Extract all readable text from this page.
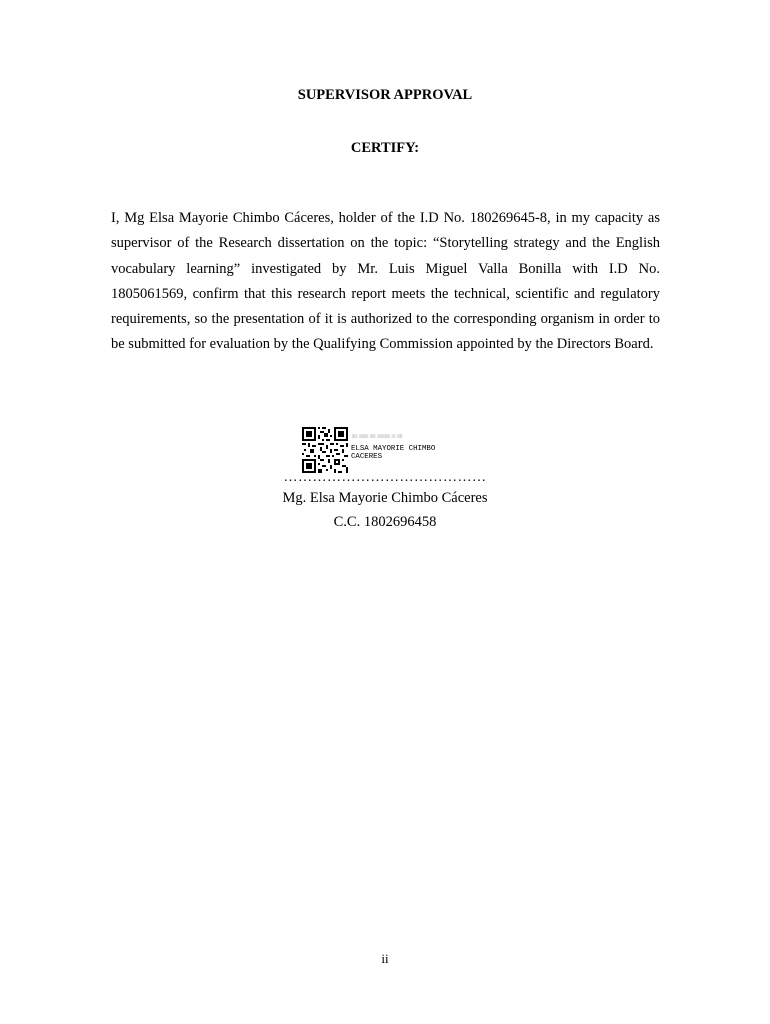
SUPERVISOR APPROVAL
CERTIFY:
I, Mg Elsa Mayorie Chimbo Cáceres, holder of the I.D No. 180269645-8, in my capacity as supervisor of the Research dissertation on the topic: “Storytelling strategy and the English vocabulary learning” investigated by Mr. Luis Miguel Valla Bonilla with I.D No. 1805061569, confirm that this research report meets the technical, scientific and regulatory requirements, so the presentation of it is authorized to the corresponding organism in order to be submitted for evaluation by the Qualifying Commission appointed by the Directors Board.
░░░ ░░░░░ ░░░ ░░░░░░░ ░░ ░░░
ELSA MAYORIE CHIMBO
CACERES
……………………………………
Mg. Elsa Mayorie Chimbo Cáceres
C.C. 1802696458
ii
